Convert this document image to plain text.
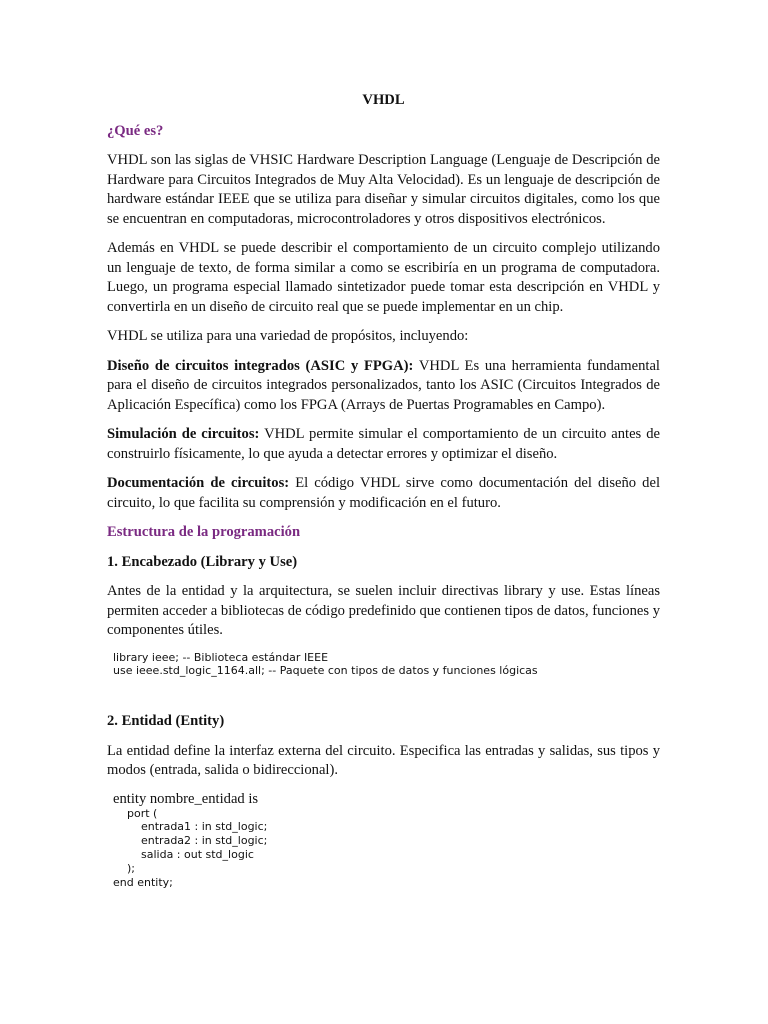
VHDL
¿Qué es?

VHDL son las siglas de VHSIC Hardware Description Language (Lenguaje de Descripción de Hardware para Circuitos Integrados de Muy Alta Velocidad). Es un lenguaje de descripción de hardware estándar IEEE que se utiliza para diseñar y simular circuitos digitales, como los que se encuentran en computadoras, microcontroladores y otros dispositivos electrónicos.

Además en VHDL se puede describir el comportamiento de un circuito complejo utilizando un lenguaje de texto, de forma similar a como se escribiría en un programa de computadora. Luego, un programa especial llamado sintetizador puede tomar esta descripción en VHDL y convertirla en un diseño de circuito real que se puede implementar en un chip.

VHDL se utiliza para una variedad de propósitos, incluyendo:

Diseño de circuitos integrados (ASIC y FPGA): VHDL Es una herramienta fundamental para el diseño de circuitos integrados personalizados, tanto los ASIC (Circuitos Integrados de Aplicación Específica) como los FPGA (Arrays de Puertas Programables en Campo).

Simulación de circuitos: VHDL permite simular el comportamiento de un circuito antes de construirlo físicamente, lo que ayuda a detectar errores y optimizar el diseño.

Documentación de circuitos: El código VHDL sirve como documentación del diseño del circuito, lo que facilita su comprensión y modificación en el futuro.

Estructura de la programación
1. Encabezado (Library y Use)

Antes de la entidad y la arquitectura, se suelen incluir directivas library y use. Estas líneas permiten acceder a bibliotecas de código predefinido que contienen tipos de datos, funciones y componentes útiles.

library ieee; -- Biblioteca estándar IEEE
use ieee.std_logic_1164.all; -- Paquete con tipos de datos y funciones lógicas
2. Entidad (Entity)

La entidad define la interfaz externa del circuito. Especifica las entradas y salidas, sus tipos y modos (entrada, salida o bidireccional).

entity nombre_entidad is
port (
entrada1 : in std_logic;
entrada2 : in std_logic;
salida : out std_logic
);
end entity;
